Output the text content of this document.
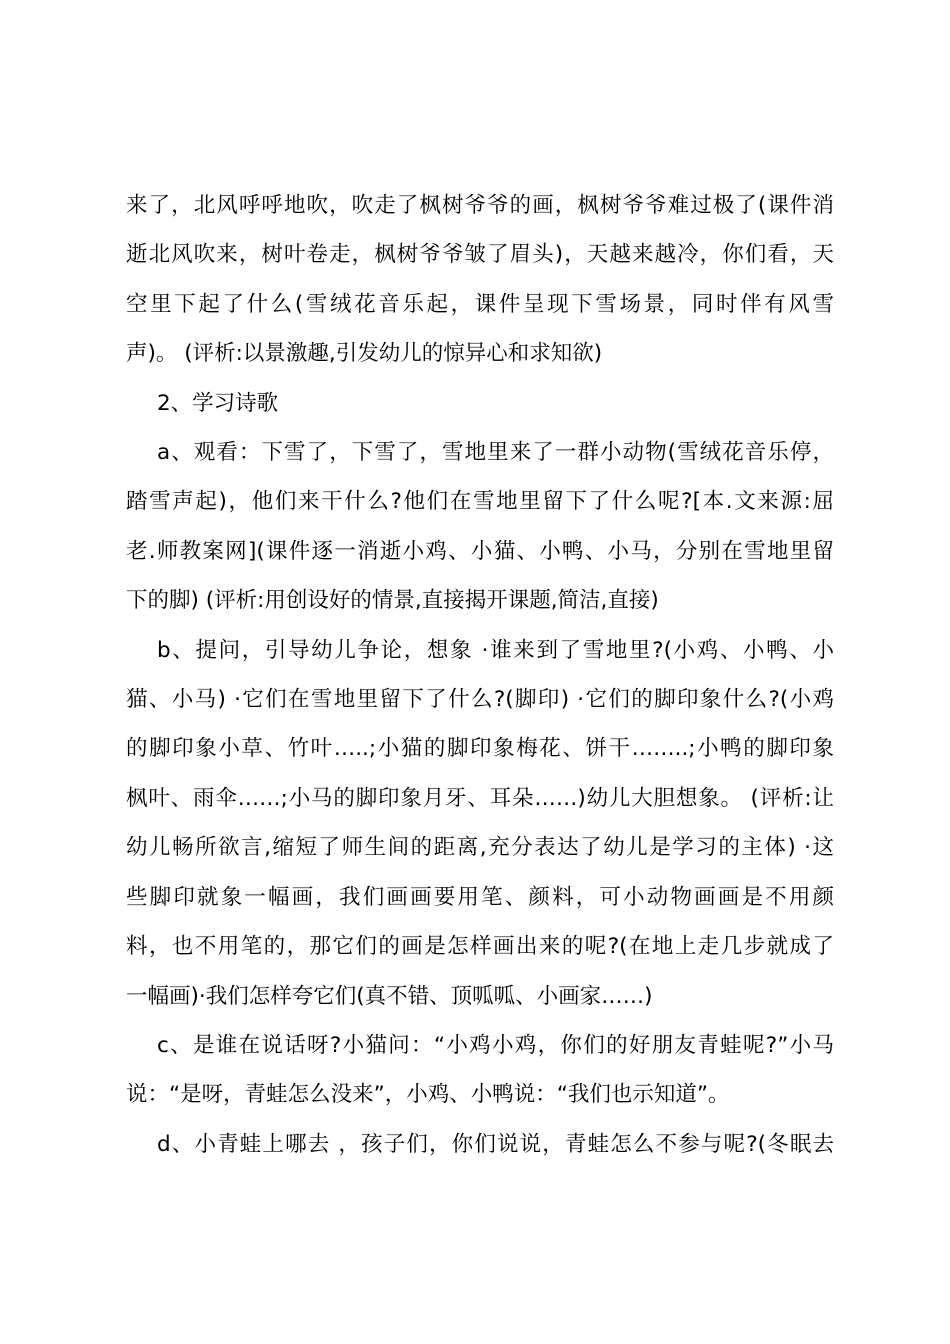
来了，北风呼呼地吹，吹走了枫树爷爷的画，枫树爷爷难过极了(课件消
逝北风吹来，树叶卷走，枫树爷爷皱了眉头)，天越来越冷，你们看，天
空里下起了什么(雪绒花音乐起，课件呈现下雪场景，同时伴有风雪
声)。 (评析:以景激趣,引发幼儿的惊异心和求知欲)
2、学习诗歌
a、观看：下雪了，下雪了，雪地里来了一群小动物(雪绒花音乐停，
踏雪声起)，他们来干什么?他们在雪地里留下了什么呢?[本.文来源:屈
老.师教案网](课件逐一消逝小鸡、小猫、小鸭、小马，分别在雪地里留
下的脚) (评析:用创设好的情景,直接揭开课题,简洁,直接)
b、提问，引导幼儿争论，想象 ·谁来到了雪地里?(小鸡、小鸭、小
猫、小马) ·它们在雪地里留下了什么?(脚印) ·它们的脚印象什么?(小鸡
的脚印象小草、竹叶…..;小猫的脚印象梅花、饼干……..;小鸭的脚印象
枫叶、雨伞……;小马的脚印象月牙、耳朵……)幼儿大胆想象。 (评析:让
幼儿畅所欲言,缩短了师生间的距离,充分表达了幼儿是学习的主体) ·这
些脚印就象一幅画，我们画画要用笔、颜料，可小动物画画是不用颜
料，也不用笔的，那它们的画是怎样画出来的呢?(在地上走几步就成了
一幅画)·我们怎样夸它们(真不错、顶呱呱、小画家……)
c、是谁在说话呀?小猫问：“小鸡小鸡，你们的好朋友青蛙呢?”小马
说：“是呀，青蛙怎么没来”，小鸡、小鸭说：“我们也示知道”。
d、小青蛙上哪去 ，孩子们，你们说说，青蛙怎么不参与呢?(冬眠去
